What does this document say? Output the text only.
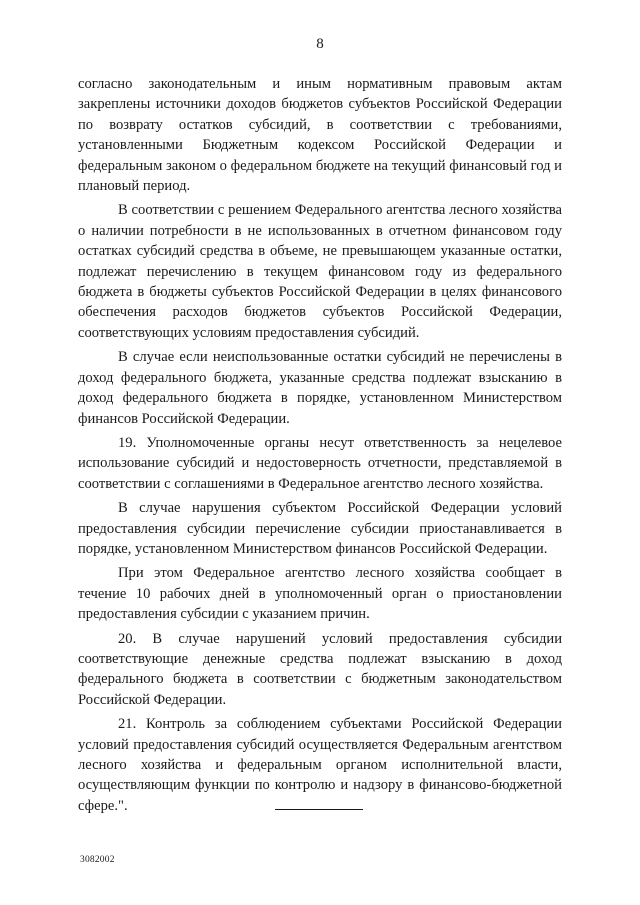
8

согласно законодательным и иным нормативным правовым актам закреплены источники доходов бюджетов субъектов Российской Федерации по возврату остатков субсидий, в соответствии с требованиями, установленными Бюджетным кодексом Российской Федерации и федеральным законом о федеральном бюджете на текущий финансовый год и плановый период.

В соответствии с решением Федерального агентства лесного хозяйства о наличии потребности в не использованных в отчетном финансовом году остатках субсидий средства в объеме, не превышающем указанные остатки, подлежат перечислению в текущем финансовом году из федерального бюджета в бюджеты субъектов Российской Федерации в целях финансового обеспечения расходов бюджетов субъектов Российской Федерации, соответствующих условиям предоставления субсидий.

В случае если неиспользованные остатки субсидий не перечислены в доход федерального бюджета, указанные средства подлежат взысканию в доход федерального бюджета в порядке, установленном Министерством финансов Российской Федерации.

19. Уполномоченные органы несут ответственность за нецелевое использование субсидий и недостоверность отчетности, представляемой в соответствии с соглашениями в Федеральное агентство лесного хозяйства.

В случае нарушения субъектом Российской Федерации условий предоставления субсидии перечисление субсидии приостанавливается в порядке, установленном Министерством финансов Российской Федерации.

При этом Федеральное агентство лесного хозяйства сообщает в течение 10 рабочих дней в уполномоченный орган о приостановлении предоставления субсидии с указанием причин.

20. В случае нарушений условий предоставления субсидии соответствующие денежные средства подлежат взысканию в доход федерального бюджета в соответствии с бюджетным законодательством Российской Федерации.

21. Контроль за соблюдением субъектами Российской Федерации условий предоставления субсидий осуществляется Федеральным агентством лесного хозяйства и федеральным органом исполнительной власти, осуществляющим функции по контролю и надзору в финансово-бюджетной сфере.".

3082002
